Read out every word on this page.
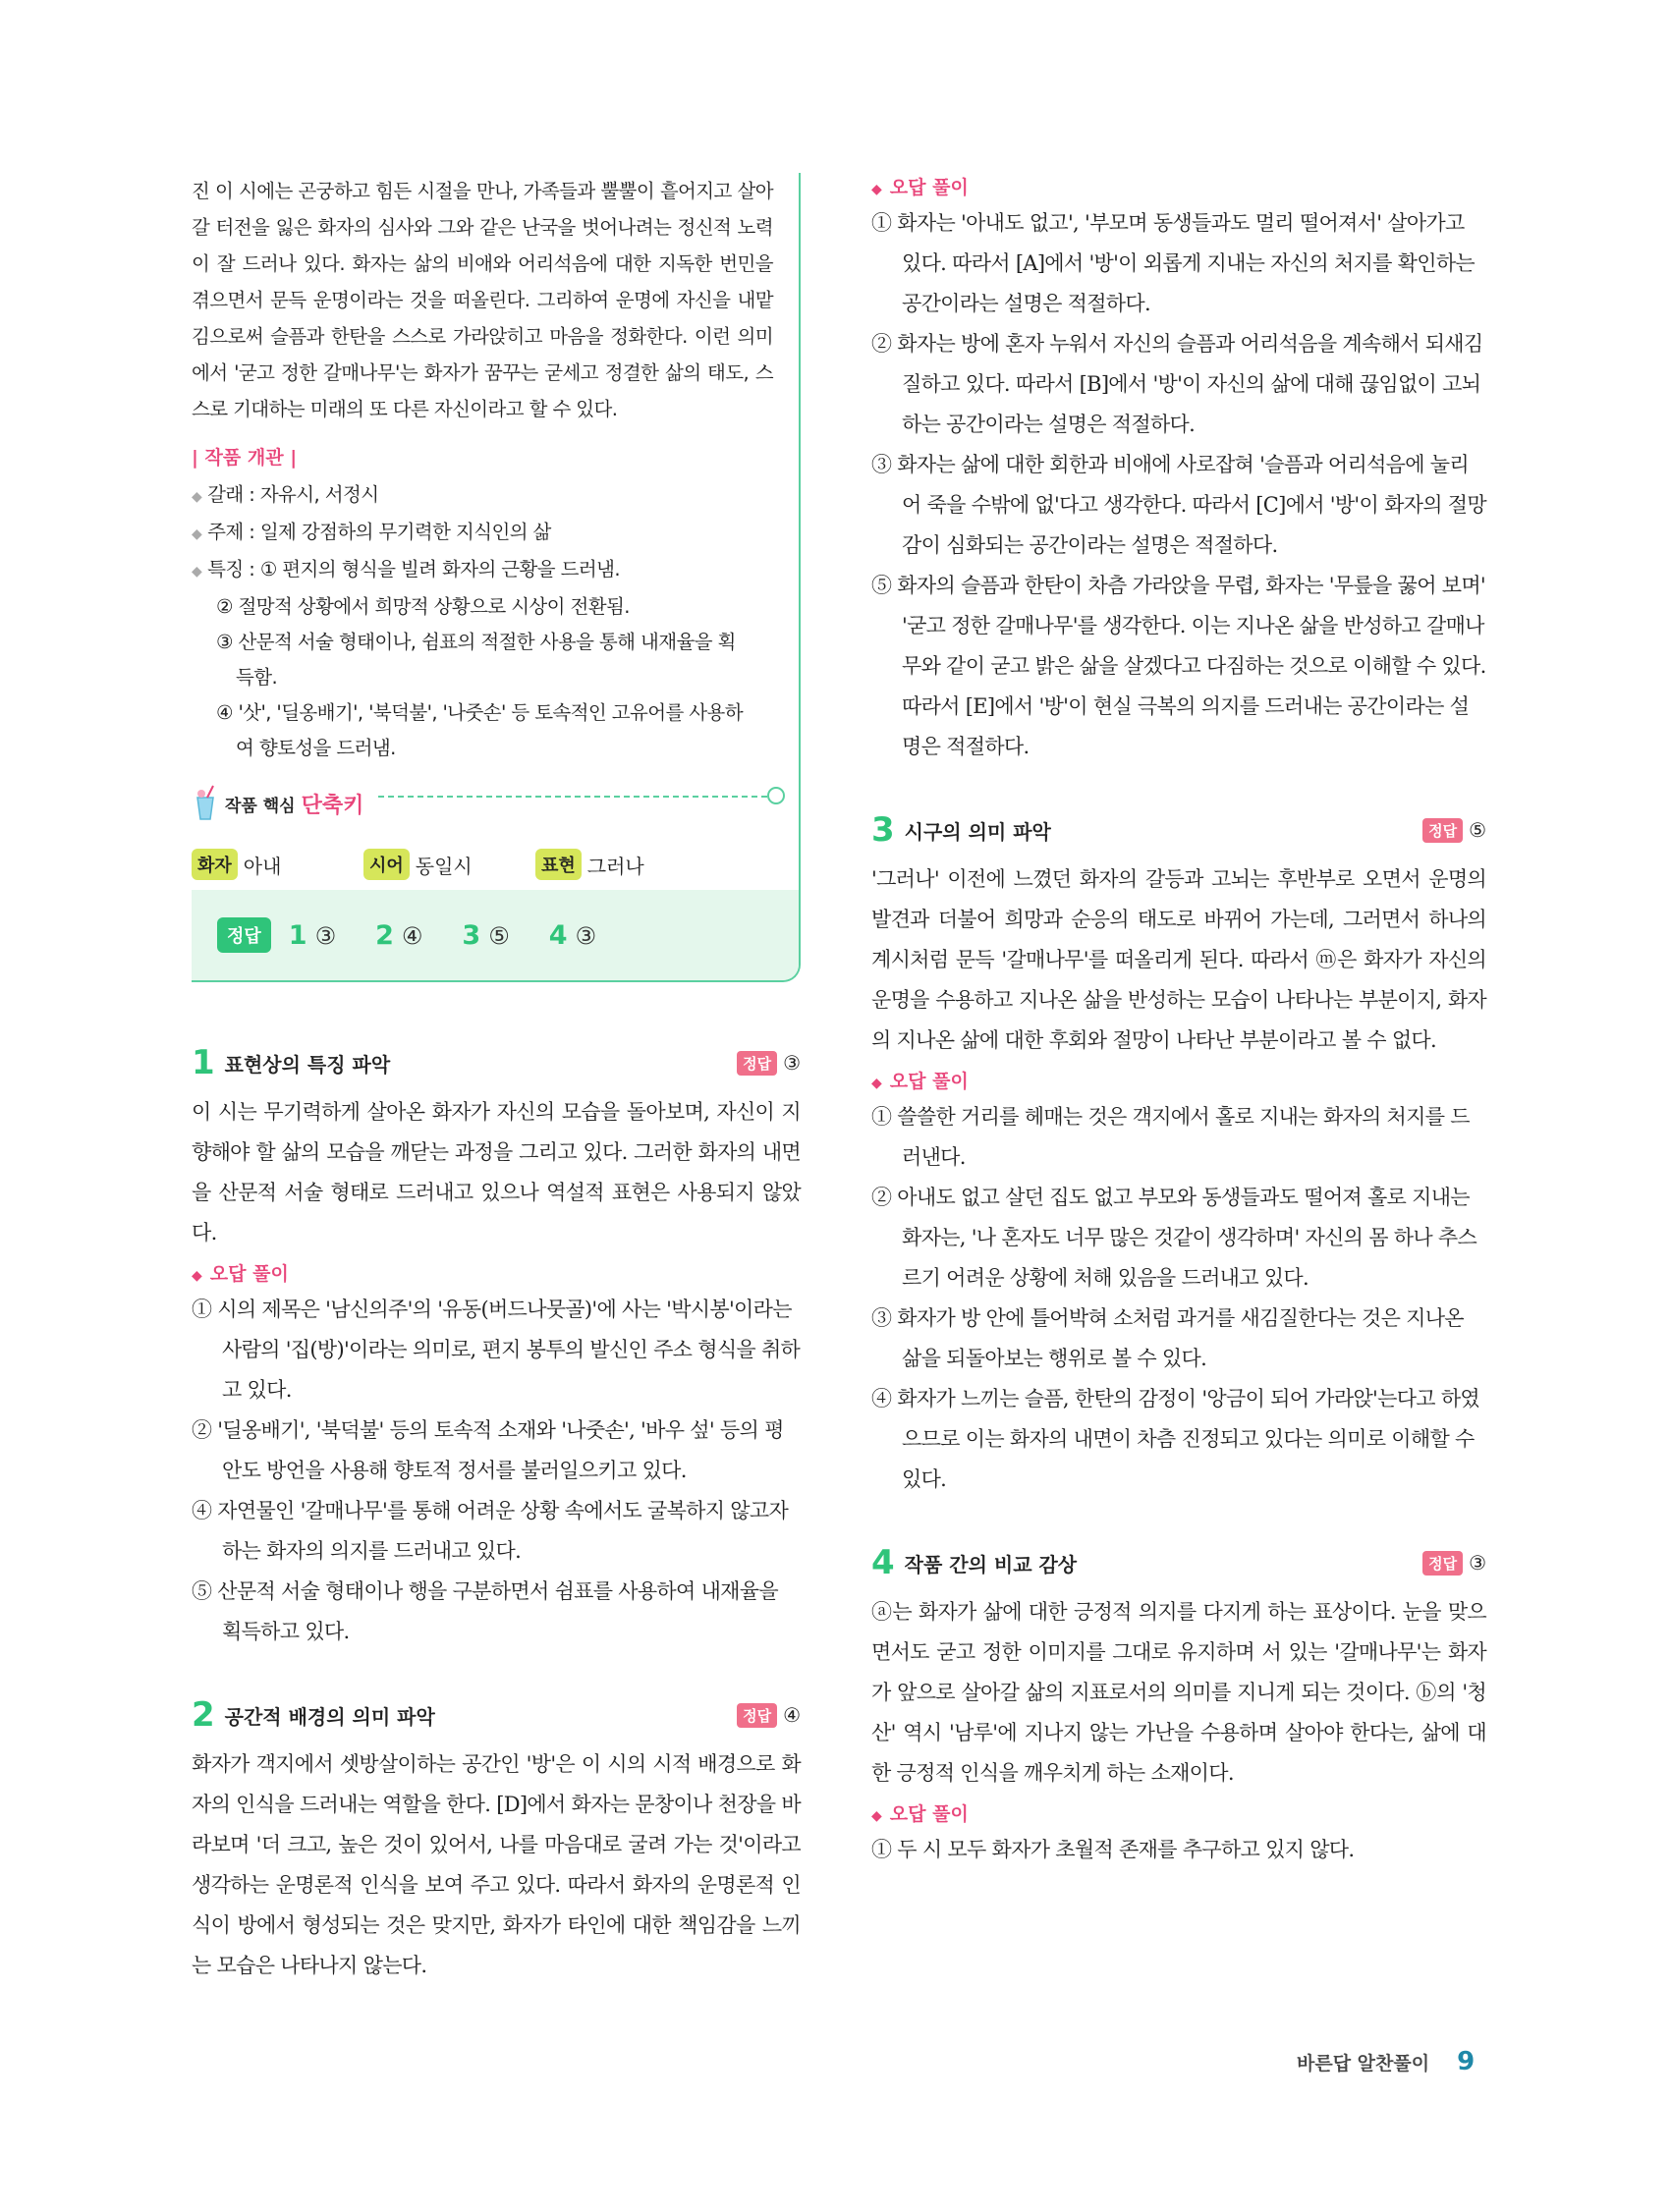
진 이 시에는 곤궁하고 힘든 시절을 만나, 가족들과 뿔뿔이 흩어지고 살아갈 터전을 잃은 화자의 심사와 그와 같은 난국을 벗어나려는 정신적 노력이 잘 드러나 있다. 화자는 삶의 비애와 어리석음에 대한 지독한 번민을 겪으면서 문득 운명이라는 것을 떠올린다. 그리하여 운명에 자신을 내맡김으로써 슬픔과 한탄을 스스로 가라앉히고 마음을 정화한다. 이런 의미에서 '굳고 정한 갈매나무'는 화자가 꿈꾸는 굳세고 정결한 삶의 태도, 스스로 기대하는 미래의 또 다른 자신이라고 할 수 있다.

| 작품 개관 |

◆ 갈래 : 자유시, 서정시

◆ 주제 : 일제 강점하의 무기력한 지식인의 삶

◆ 특징 : ① 편지의 형식을 빌려 화자의 근황을 드러냄.

② 절망적 상황에서 희망적 상황으로 시상이 전환됨.

③ 산문적 서술 형태이나, 쉼표의 적절한 사용을 통해 내재율을 획

득함.

④ '삿', '딜옹배기', '북덕불', '나줏손' 등 토속적인 고유어를 사용하

여 향토성을 드러냄.

작품 핵심 단축키
화자 아내	시어 동일시	표현 그러나
정답	1 ③ 2 ④ 3 ⑤ 4 ③
1 표현상의 특징 파악	정답 ③

이 시는 무기력하게 살아온 화자가 자신의 모습을 돌아보며, 자신이 지향해야 할 삶의 모습을 깨닫는 과정을 그리고 있다. 그러한 화자의 내면을 산문적 서술 형태로 드러내고 있으나 역설적 표현은 사용되지 않았다.

◆ 오답 풀이

① 시의 제목은 '남신의주'의 '유동(버드나뭇골)'에 사는 '박시봉'이라는 사람의 '집(방)'이라는 의미로, 편지 봉투의 발신인 주소 형식을 취하고 있다.

② '딜옹배기', '북덕불' 등의 토속적 소재와 '나줏손', '바우 섶' 등의 평안도 방언을 사용해 향토적 정서를 불러일으키고 있다.

④ 자연물인 '갈매나무'를 통해 어려운 상황 속에서도 굴복하지 않고자 하는 화자의 의지를 드러내고 있다.

⑤ 산문적 서술 형태이나 행을 구분하면서 쉼표를 사용하여 내재율을 획득하고 있다.

2 공간적 배경의 의미 파악	정답 ④

화자가 객지에서 셋방살이하는 공간인 '방'은 이 시의 시적 배경으로 화자의 인식을 드러내는 역할을 한다. [D]에서 화자는 문창이나 천장을 바라보며 '더 크고, 높은 것이 있어서, 나를 마음대로 굴려 가는 것'이라고 생각하는 운명론적 인식을 보여 주고 있다. 따라서 화자의 운명론적 인식이 방에서 형성되는 것은 맞지만, 화자가 타인에 대한 책임감을 느끼는 모습은 나타나지 않는다.

◆ 오답 풀이

① 화자는 '아내도 없고', '부모며 동생들과도 멀리 떨어져서' 살아가고 있다. 따라서 [A]에서 '방'이 외롭게 지내는 자신의 처지를 확인하는 공간이라는 설명은 적절하다.

② 화자는 방에 혼자 누워서 자신의 슬픔과 어리석음을 계속해서 되새김질하고 있다. 따라서 [B]에서 '방'이 자신의 삶에 대해 끊임없이 고뇌하는 공간이라는 설명은 적절하다.

③ 화자는 삶에 대한 회한과 비애에 사로잡혀 '슬픔과 어리석음에 눌리어 죽을 수밖에 없'다고 생각한다. 따라서 [C]에서 '방'이 화자의 절망감이 심화되는 공간이라는 설명은 적절하다.

⑤ 화자의 슬픔과 한탄이 차츰 가라앉을 무렵, 화자는 '무릎을 꿇어 보며' '굳고 정한 갈매나무'를 생각한다. 이는 지나온 삶을 반성하고 갈매나무와 같이 굳고 밝은 삶을 살겠다고 다짐하는 것으로 이해할 수 있다. 따라서 [E]에서 '방'이 현실 극복의 의지를 드러내는 공간이라는 설명은 적절하다.

3 시구의 의미 파악	정답 ⑤

'그러나' 이전에 느꼈던 화자의 갈등과 고뇌는 후반부로 오면서 운명의 발견과 더불어 희망과 순응의 태도로 바뀌어 가는데, 그러면서 하나의 계시처럼 문득 '갈매나무'를 떠올리게 된다. 따라서 ⓜ은 화자가 자신의 운명을 수용하고 지나온 삶을 반성하는 모습이 나타나는 부분이지, 화자의 지나온 삶에 대한 후회와 절망이 나타난 부분이라고 볼 수 없다.

◆ 오답 풀이

① 쓸쓸한 거리를 헤매는 것은 객지에서 홀로 지내는 화자의 처지를 드러낸다.

② 아내도 없고 살던 집도 없고 부모와 동생들과도 떨어져 홀로 지내는 화자는, '나 혼자도 너무 많은 것같이 생각하며' 자신의 몸 하나 추스르기 어려운 상황에 처해 있음을 드러내고 있다.

③ 화자가 방 안에 틀어박혀 소처럼 과거를 새김질한다는 것은 지나온 삶을 되돌아보는 행위로 볼 수 있다.

④ 화자가 느끼는 슬픔, 한탄의 감정이 '앙금이 되어 가라앉'는다고 하였으므로 이는 화자의 내면이 차츰 진정되고 있다는 의미로 이해할 수 있다.

4 작품 간의 비교 감상	정답 ③

ⓐ는 화자가 삶에 대한 긍정적 의지를 다지게 하는 표상이다. 눈을 맞으면서도 굳고 정한 이미지를 그대로 유지하며 서 있는 '갈매나무'는 화자가 앞으로 살아갈 삶의 지표로서의 의미를 지니게 되는 것이다. ⓑ의 '청산' 역시 '남루'에 지나지 않는 가난을 수용하며 살아야 한다는, 삶에 대한 긍정적 인식을 깨우치게 하는 소재이다.

◆ 오답 풀이

① 두 시 모두 화자가 초월적 존재를 추구하고 있지 않다.

바른답 알찬풀이 9
